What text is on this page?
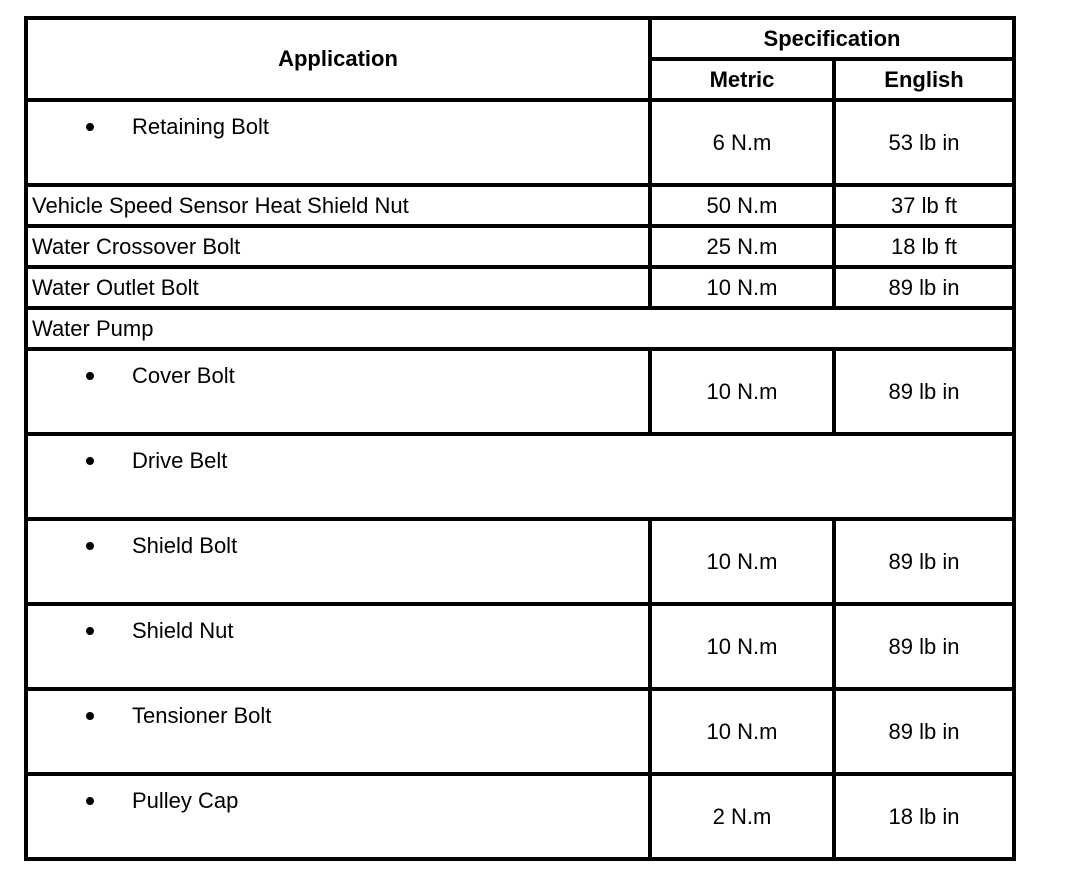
Application	Specification	
	Metric	English

Retaining Bolt	6 N.m	53 lb in
Vehicle Speed Sensor Heat Shield Nut	50 N.m	37 lb ft
Water Crossover Bolt	25 N.m	18 lb ft
Water Outlet Bolt	10 N.m	89 lb in
Water Pump		

Cover Bolt	10 N.m	89 lb in

Drive Belt		

Shield Bolt	10 N.m	89 lb in

Shield Nut	10 N.m	89 lb in

Tensioner Bolt	10 N.m	89 lb in

Pulley Cap	2 N.m	18 lb in
